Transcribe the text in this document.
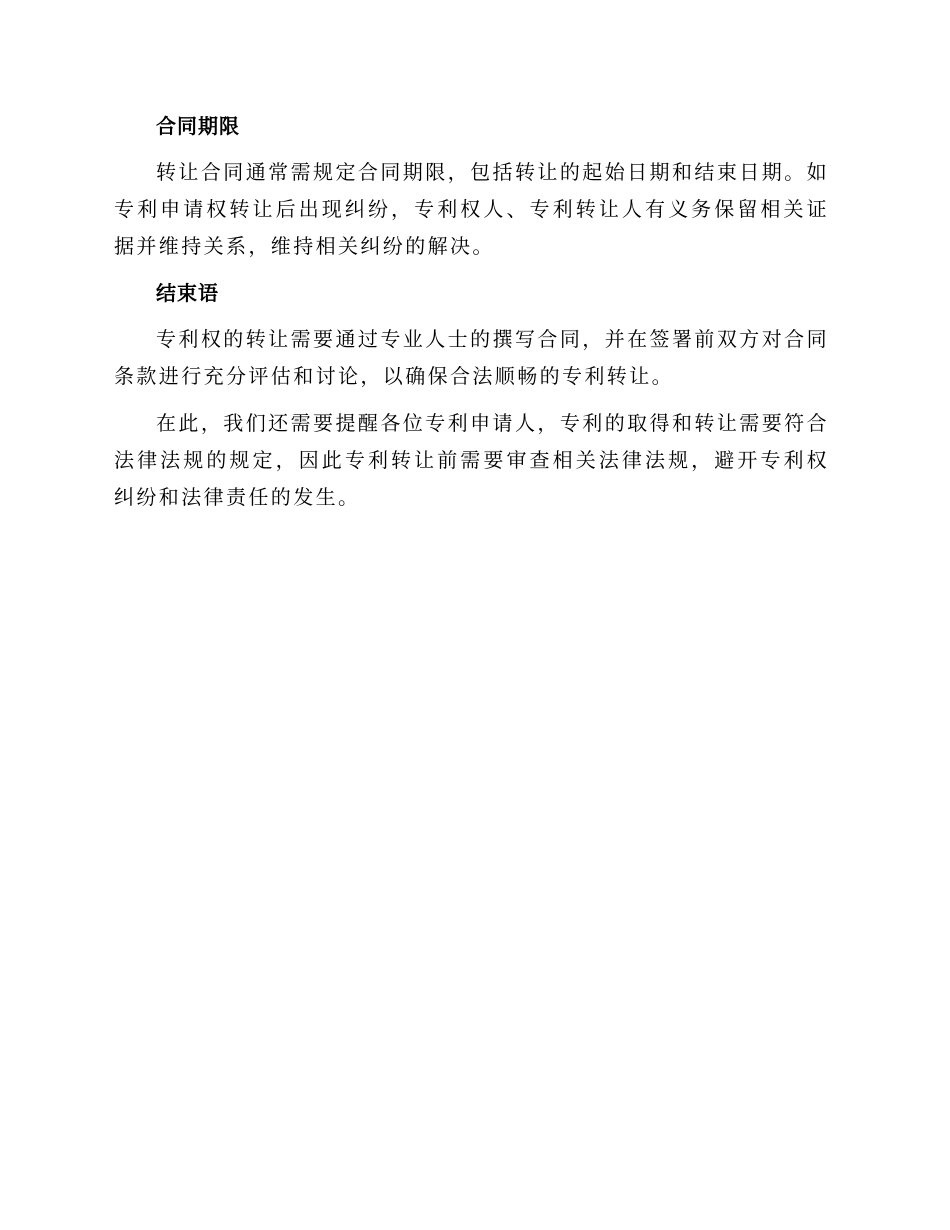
合同期限

转让合同通常需规定合同期限，包括转让的起始日期和结束日期。如专利申请权转让后出现纠纷，专利权人、专利转让人有义务保留相关证据并维持关系，维持相关纠纷的解决。

结束语

专利权的转让需要通过专业人士的撰写合同，并在签署前双方对合同条款进行充分评估和讨论，以确保合法顺畅的专利转让。

在此，我们还需要提醒各位专利申请人，专利的取得和转让需要符合法律法规的规定，因此专利转让前需要审查相关法律法规，避开专利权纠纷和法律责任的发生。
